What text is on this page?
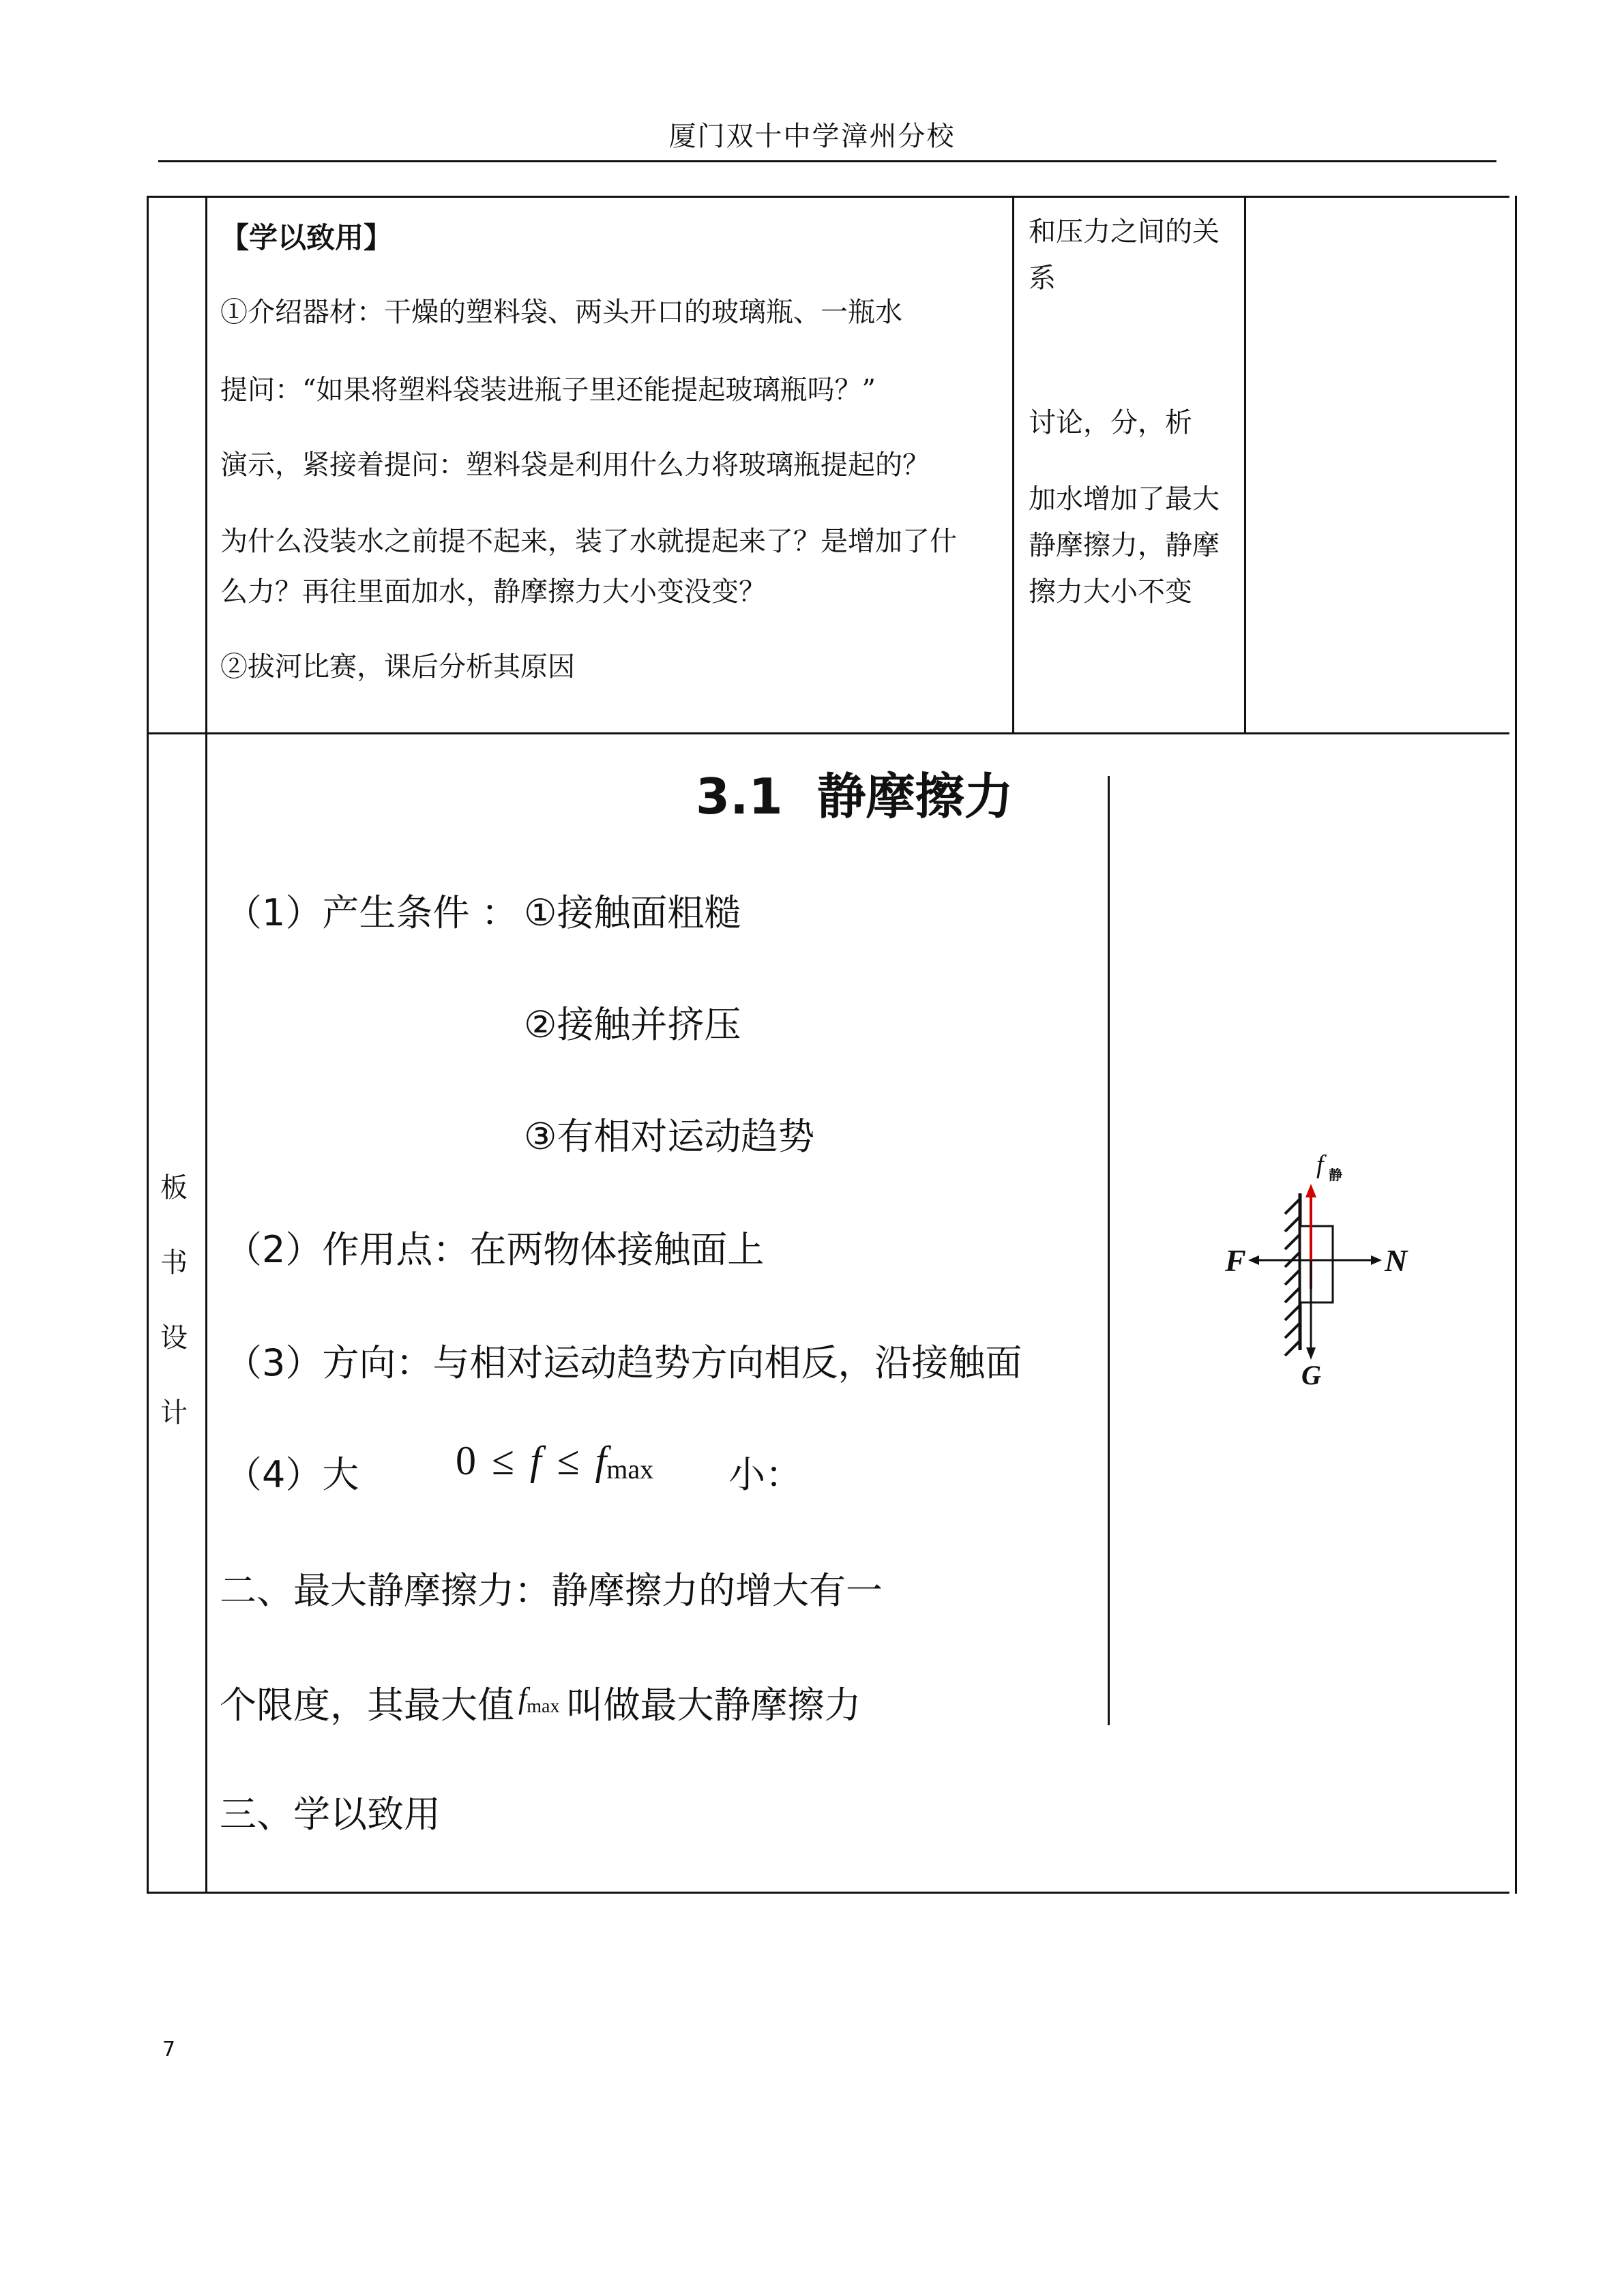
厦门双十中学漳州分校
【学以致用】
①介绍器材：干燥的塑料袋、两头开口的玻璃瓶、一瓶水
提问：“如果将塑料袋装进瓶子里还能提起玻璃瓶吗？”
演示，紧接着提问：塑料袋是利用什么力将玻璃瓶提起的？
为什么没装水之前提不起来，装了水就提起来了？是增加了什
么力？再往里面加水，静摩擦力大小变没变？
②拔河比赛，课后分析其原因
和压力之间的关
系
讨论，分，析
加水增加了最大
静摩擦力，静摩
擦力大小不变
板
书
设
计
3.1  静摩擦力
（1）产生条件 ： ①接触面粗糙
②接触并挤压
③有相对运动趋势
（2）作用点：在两物体接触面上
（3）方向：与相对运动趋势方向相反，沿接触面
（4）大 0 ≤ f ≤ fmax 小：
二、最大静摩擦力：静摩擦力的增大有一
个限度，其最大值 fmax 叫做最大静摩擦力
三、学以致用
f 静
F	N
G
7
